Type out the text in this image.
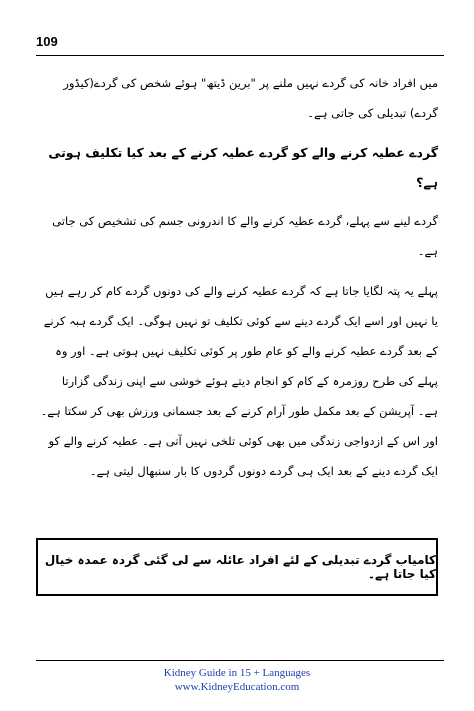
109

میں افراد خانہ کی گردے نہیں ملنے پر "برین ڈیتھ" ہوئے شخص کی گردے(کیڈور گردے) تبدیلی کی جاتی ہے۔

گردے عطیہ کرنے والے کو گردے عطیہ کرنے کے بعد کیا تکلیف ہوتی ہے؟

گردے لینے سے پہلے، گردے عطیہ کرنے والے کا اندرونی جسم کی تشخیص کی جاتی ہے۔

پہلے یہ پتہ لگایا جاتا ہے کہ گردے عطیہ کرنے والے کی دونوں گردے کام کر رہے ہیں یا نہیں اور اسے ایک گردے دینے سے کوئی تکلیف تو نہیں ہوگی۔ ایک گردے ہبہ کرنے کے بعد گردے عطیہ کرنے والے کو عام طور پر کوئی تکلیف نہیں ہوتی ہے۔ اور وہ پہلے کی طرح روزمرہ کے کام کو انجام دیتے ہوئے خوشی سے اپنی زندگی گزارتا ہے۔ آپریشن کے بعد مکمل طور آرام کرنے کے بعد جسمانی ورزش بھی کر سکتا ہے۔ اور اس کے ازدواجی زندگی میں بھی کوئی تلخی نہیں آتی ہے۔ عطیہ کرنے والے کو ایک گردے دینے کے بعد ایک ہی گردے دونوں گردوں کا بار سنبھال لیتی ہے۔

کامیاب گردے تبدیلی کے لئے افراد عائلہ سے لی گئی گردہ عمدہ خیال کیا جاتا ہے۔
Kidney Guide in 15 + Languages
www.KidneyEducation.com
